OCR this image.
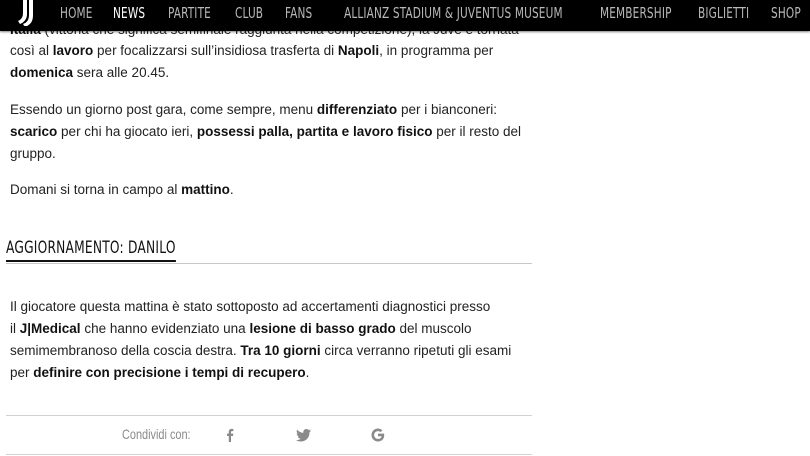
HOME NEWS PARTITE CLUB FANS ALLIANZ STADIUM & JUVENTUS MUSEUM MEMBERSHIP BIGLIETTI SHOP

così al lavoro per focalizzarsi sull’insidiosa trasferta di Napoli, in programma per
domenica sera alle 20.45.

Essendo un giorno post gara, come sempre, menu differenziato per i bianconeri:
scarico per chi ha giocato ieri, possessi palla, partita e lavoro fisico per il resto del
gruppo.

Domani si torna in campo al mattino.

Il giocatore questa mattina è stato sottoposto ad accertamenti diagnostici presso
il J|Medical che hanno evidenziato una lesione di basso grado del muscolo
semimembranoso della coscia destra. Tra 10 giorni circa verranno ripetuti gli esami
per definire con precisione i tempi di recupero.

AGGIORNAMENTO: DANILO
Condividi con:
